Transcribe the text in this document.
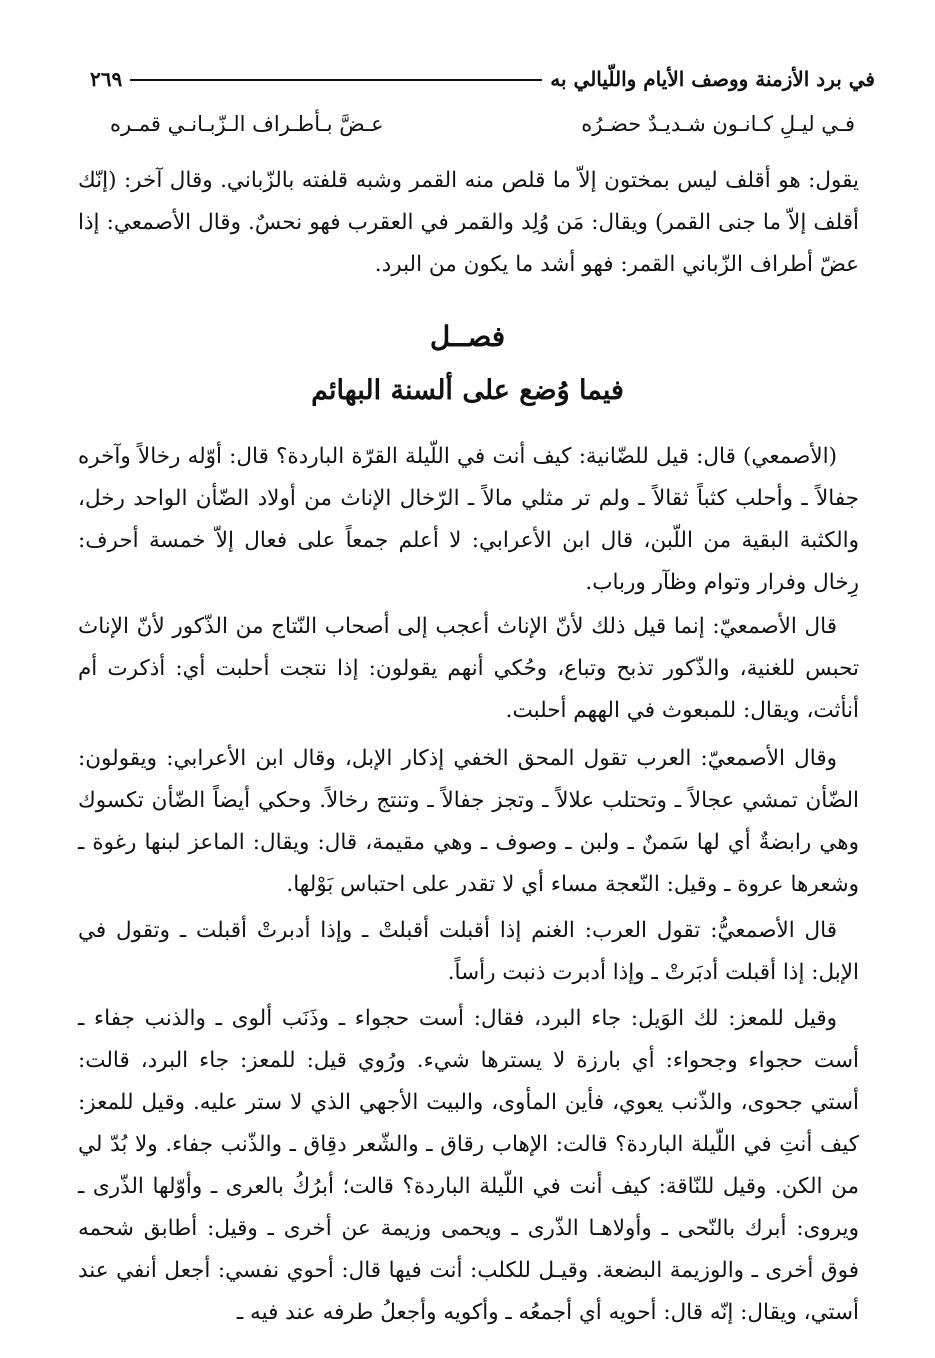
في برد الأزمنة ووصف الأيام واللّيالي به
٢٦٩
فـي ليـلِ كـانـون شـديـدٌ حضـرُه
عـضَّ بـأطـراف الـزّبـانـي قمـره

يقول: هو أقلف ليس بمختون إلاّ ما قلص منه القمر وشبه قلفته بالزّباني. وقال آخر: (إنّك أقلف إلاّ ما جنى القمر) ويقال: مَن وُلِد والقمر في العقرب فهو نحسٌ. وقال الأصمعي: إذا عضّ أطراف الزّباني القمر: فهو أشد ما يكون من البرد.

فصــل
فيما وُضع على ألسنة البهائم

(الأصمعي) قال: قيل للضّانية: كيف أنت في اللّيلة القرّة الباردة؟ قال: أوّله رخالاً وآخره جفالاً ـ وأحلب كثباً ثقالاً ـ ولم تر مثلي مالاً ـ الرّخال الإناث من أولاد الضّأن الواحد رخل، والكثبة البقية من اللّبن، قال ابن الأعرابي: لا أعلم جمعاً على فعال إلاّ خمسة أحرف: رِخال وفرار وتوام وظآر ورباب.

قال الأصمعيّ: إنما قيل ذلك لأنّ الإناث أعجب إلى أصحاب النّتاج من الذّكور لأنّ الإناث تحبس للغنية، والذّكور تذبح وتباع، وحُكي أنهم يقولون: إذا نتجت أحلبت أي: أذكرت أم أنأثت، ويقال: للمبعوث في الههم أحلبت.

وقال الأصمعيّ: العرب تقول المحق الخفي إذكار الإبل، وقال ابن الأعرابي: ويقولون: الضّأن تمشي عجالاً ـ وتحتلب علالاً ـ وتجز جفالاً ـ وتنتج رخالاً. وحكي أيضاً الضّأن تكسوك وهي رابضةٌ أي لها سَمنٌ ـ ولبن ـ وصوف ـ وهي مقيمة، قال: ويقال: الماعز لبنها رغوة ـ وشعرها عروة ـ وقيل: النّعجة مساء أي لا تقدر على احتباس بَوْلها.

قال الأصمعيُّ: تقول العرب: الغنم إذا أقبلت أقبلتْ ـ وإذا أدبرتْ أقبلت ـ وتقول في الإبل: إذا أقبلت أدبَرتْ ـ وإذا أدبرت ذنبت رأساً.

وقيل للمعز: لك الوَيل: جاء البرد، فقال: أست حجواء ـ وذَنَب ألوى ـ والذنب جفاء ـ أست حجواء وجحواء: أي بارزة لا يسترها شيء. ورُوي قيل: للمعز: جاء البرد، قالت: أستي جحوى، والذّنب يعوي، فأين المأوى، والبيت الأجهي الذي لا ستر عليه. وقيل للمعز: كيف أنتِ في اللّيلة الباردة؟ قالت: الإهاب رقاق ـ والشّعر دقِاق ـ والذّنب جفاء. ولا بُدّ لي من الكن. وقيل للنّاقة: كيف أنت في اللّيلة الباردة؟ قالت؛ أبرُكُ بالعرى ـ وأوّلها الذّرى ـ ويروى: أبرك بالنّحى ـ وأولاهـا الذّرى ـ ويحمى وزيمة عن أخرى ـ وقيل: أطابق شحمه فوق أخرى ـ والوزيمة البضعة. وقيـل للكلب: أنت فيها قال: أحوي نفسي: أجعل أنفي عند أستي، ويقال: إنّه قال: أحويه أي أجمعُه ـ وأكويه وأجعلُ طرفه عند فيه ـ
